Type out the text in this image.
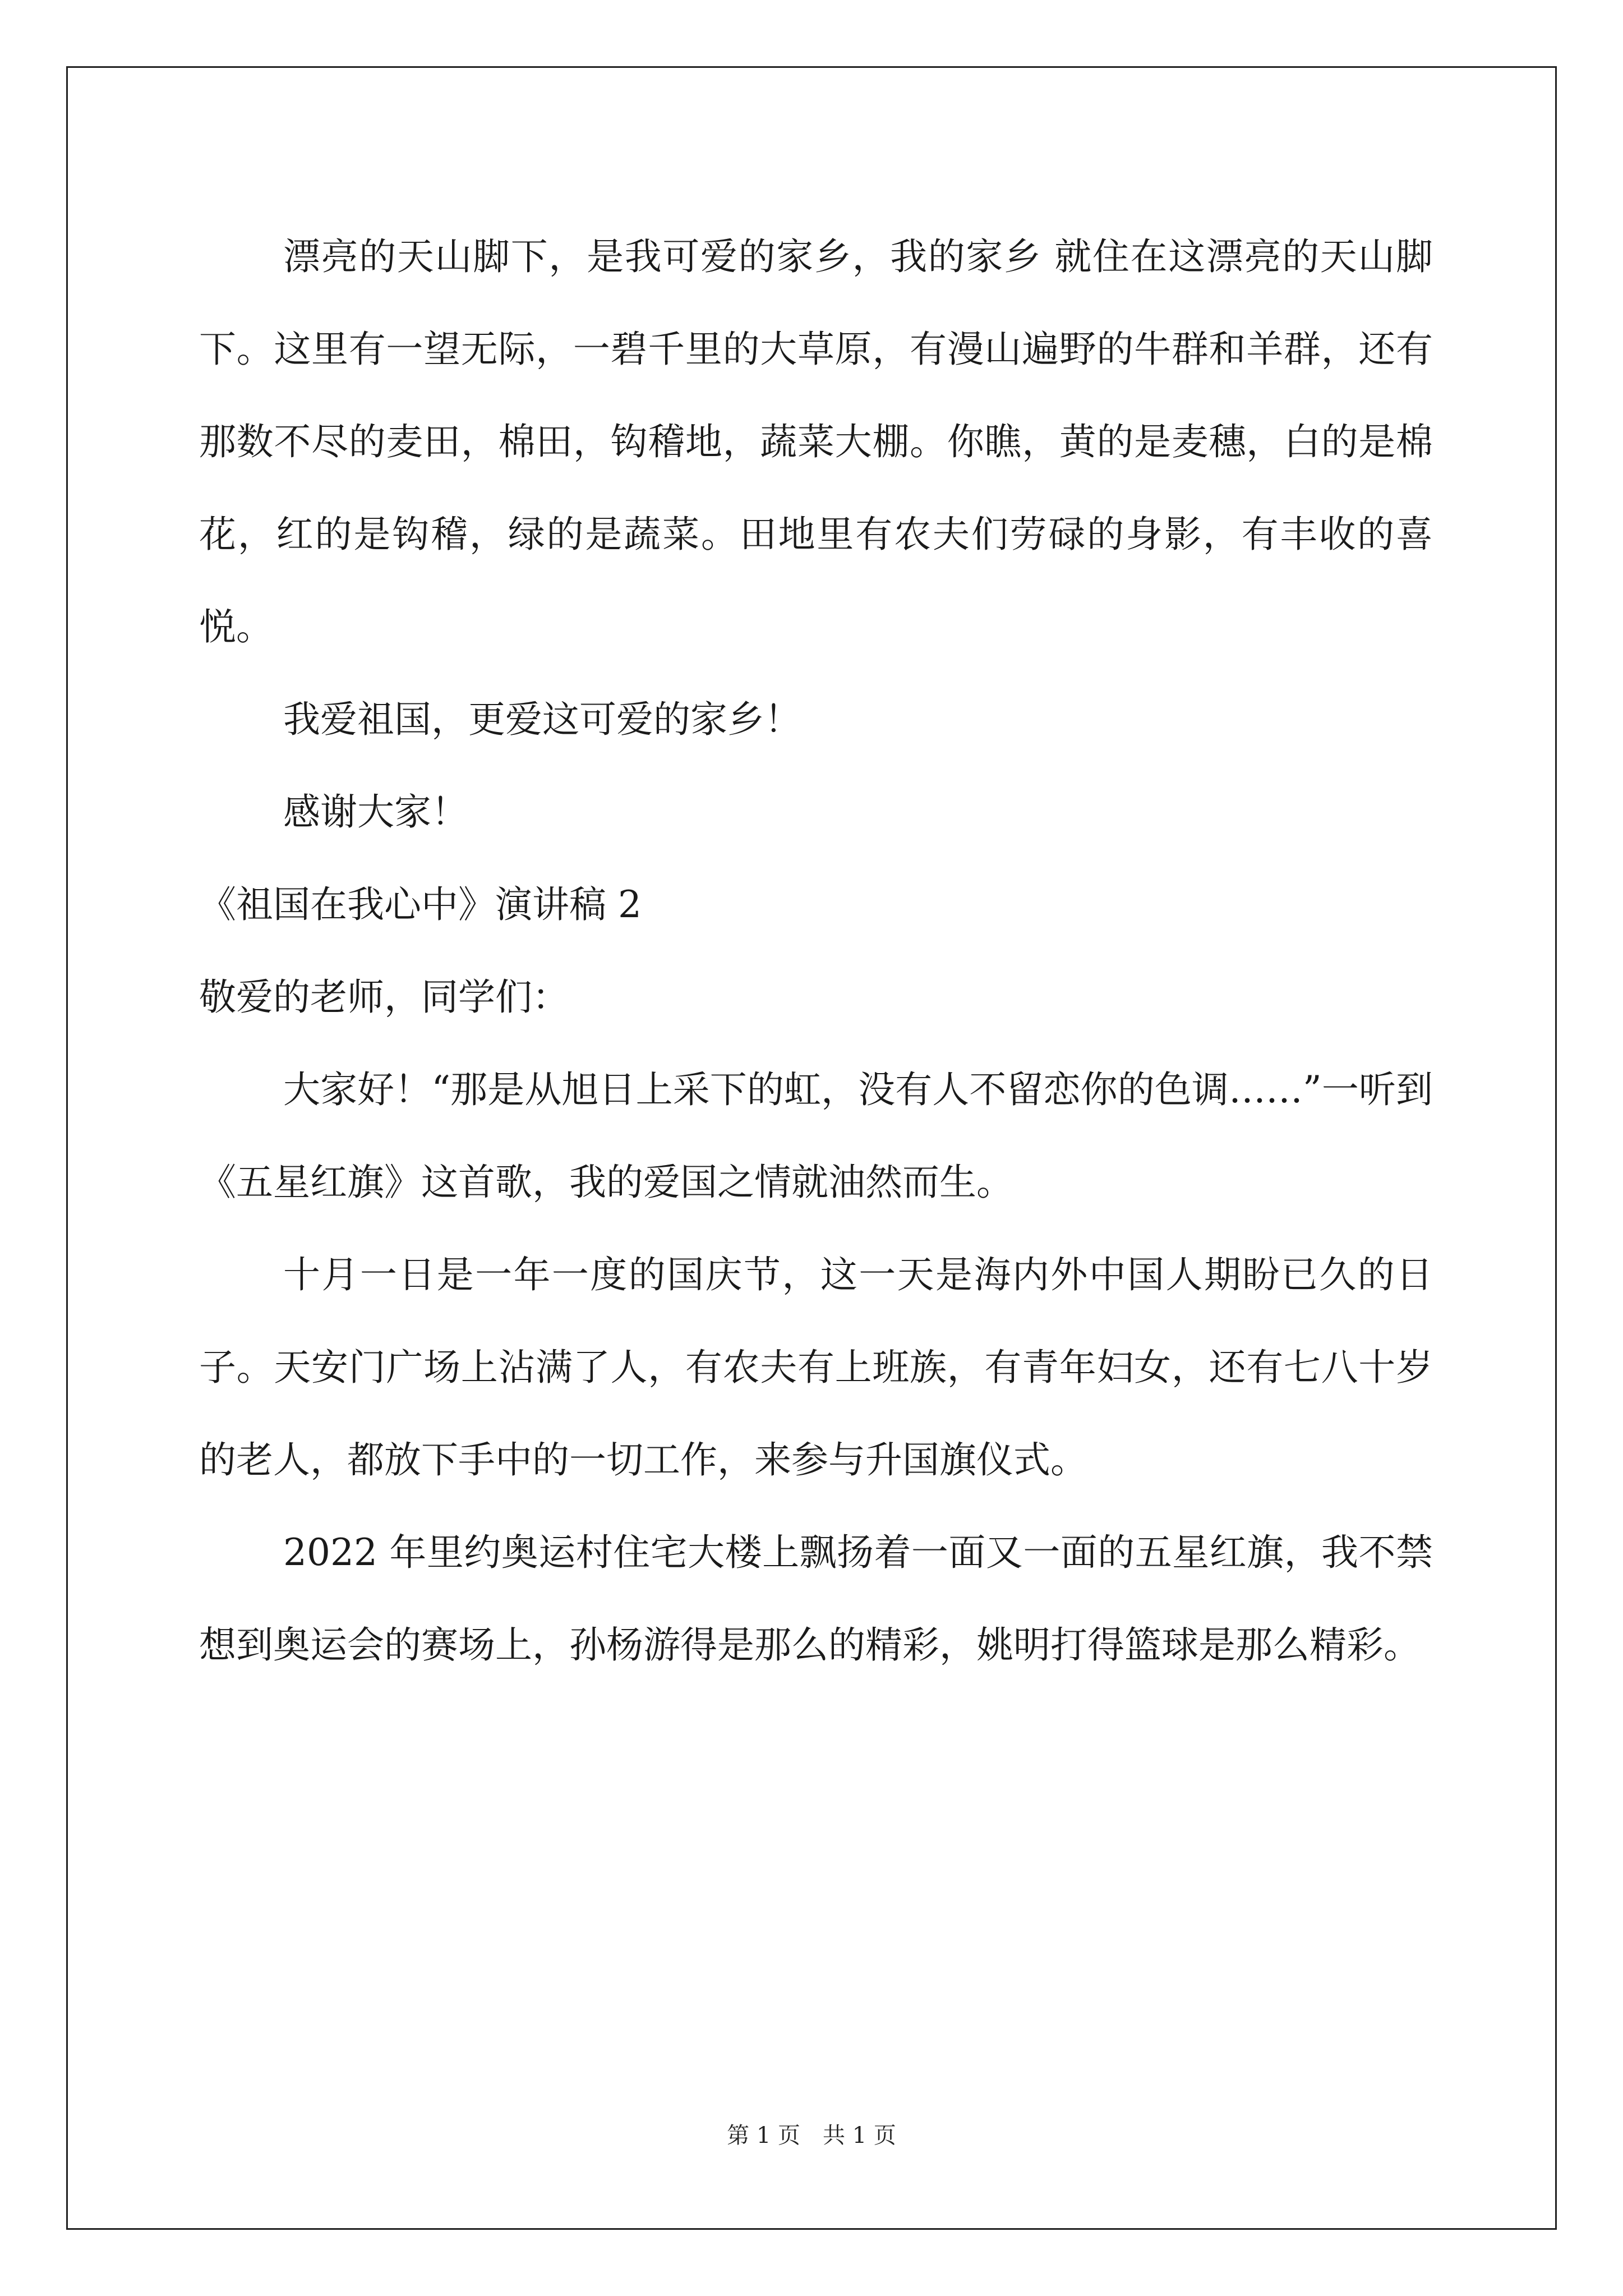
漂亮的天山脚下，是我可爱的家乡，我的家乡 就住在这漂亮的天山脚下。这里有一望无际，一碧千里的大草原，有漫山遍野的牛群和羊群，还有那数不尽的麦田，棉田，钩稽地，蔬菜大棚。你瞧，黄的是麦穗，白的是棉花，红的是钩稽，绿的是蔬菜。田地里有农夫们劳碌的身影，有丰收的喜悦。

我爱祖国，更爱这可爱的家乡！

感谢大家！

《祖国在我心中》演讲稿 2

敬爱的老师，同学们：

大家好！“那是从旭日上采下的虹，没有人不留恋你的色调……”一听到《五星红旗》这首歌，我的爱国之情就油然而生。

十月一日是一年一度的国庆节，这一天是海内外中国人期盼已久的日子。天安门广场上沾满了人，有农夫有上班族，有青年妇女，还有七八十岁的老人，都放下手中的一切工作，来参与升国旗仪式。

2022 年里约奥运村住宅大楼上飘扬着一面又一面的五星红旗，我不禁想到奥运会的赛场上，孙杨游得是那么的精彩，姚明打得篮球是那么精彩。

第 1 页　共 1 页
